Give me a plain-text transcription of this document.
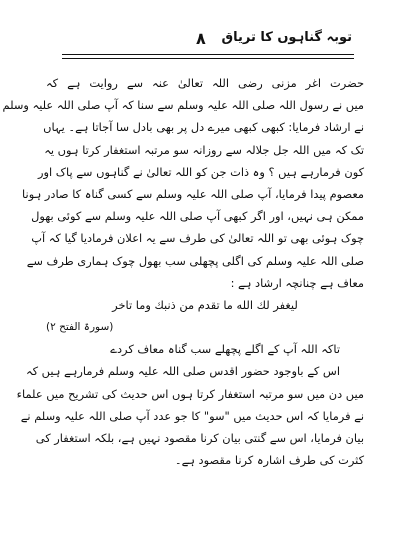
توبہ گناہوں کا تریاق
۸
حضرت اغر مزنی رضی اللہ تعالیٰ عنہ سے روایت ہے کہ
میں نے رسول اللہ صلی اللہ علیہ وسلم سے سنا کہ آپ صلی اللہ علیہ وسلم
نے ارشاد فرمایا: کبھی کبھی میرے دل پر بھی بادل سا آجاتا ہے۔ یہاں
تک کہ میں اللہ جل جلالہ سے روزانہ سو مرتبہ استغفار کرتا ہوں یہ
کون فرمارہے ہیں ؟ وہ ذات جن کو اللہ تعالیٰ نے گناہوں سے پاک اور
معصوم پیدا فرمایا، آپ صلی اللہ علیہ وسلم سے کسی گناہ کا صادر ہونا
ممکن ہی نہیں، اور اگر کبھی آپ صلی اللہ علیہ وسلم سے کوئی بھول
چوک ہوئی بھی تو اللہ تعالیٰ کی طرف سے یہ اعلان فرمادیا گیا کہ آپ
صلی اللہ علیہ وسلم کی اگلی پچھلی سب بھول چوک ہماری طرف سے
معاف ہے چنانچہ ارشاد ہے :
لیغفر لك الله ما تقدم من ذنبك وما تاخر
(سورۃ الفتح ۲)
تاکہ اللہ آپ کے اگلے پچھلے سب گناہ معاف کردے
اس کے باوجود حضور اقدس صلی اللہ علیہ وسلم فرمارہے ہیں کہ
میں دن میں سو مرتبہ استغفار کرتا ہوں اس حدیث کی تشریح میں علماء
نے فرمایا کہ اس حدیث میں "سو" کا جو عدد آپ صلی اللہ علیہ وسلم نے
بیان فرمایا، اس سے گنتی بیان کرنا مقصود نہیں ہے، بلکہ استغفار کی
کثرت کی طرف اشارہ کرنا مقصود ہے۔
